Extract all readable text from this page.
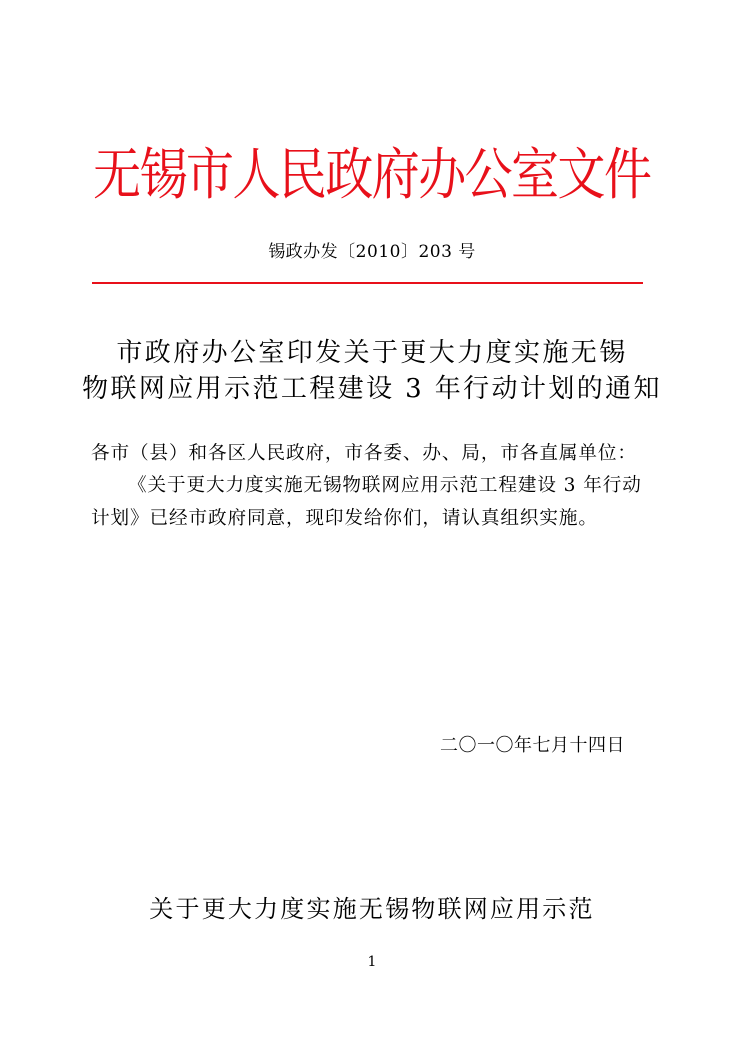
无锡市人民政府办公室文件
锡政办发〔2010〕203 号
市政府办公室印发关于更大力度实施无锡
物联网应用示范工程建设 3 年行动计划的通知
各市（县）和各区人民政府，市各委、办、局，市各直属单位：
《关于更大力度实施无锡物联网应用示范工程建设 3 年行动
计划》已经市政府同意，现印发给你们，请认真组织实施。
二〇一〇年七月十四日
关于更大力度实施无锡物联网应用示范
1
